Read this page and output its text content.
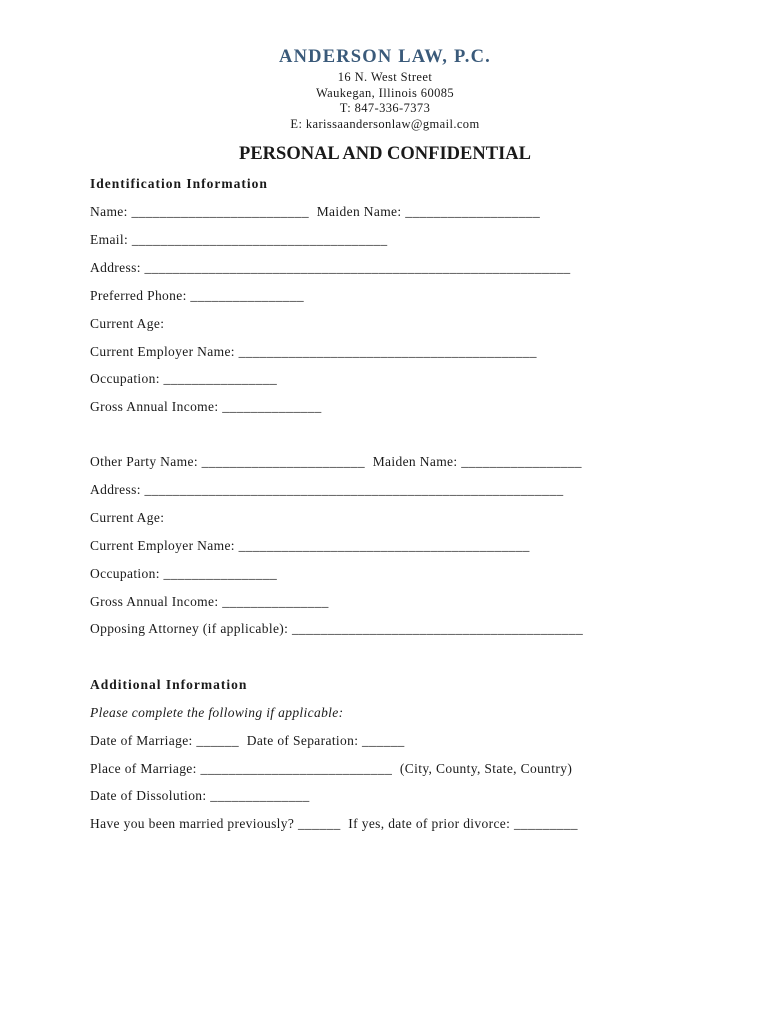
ANDERSON LAW, P.C.
16 N. West Street
Waukegan, Illinois 60085
T: 847-336-7373
E: karissaandersonlaw@gmail.com
PERSONAL AND CONFIDENTIAL
Identification Information
Name: _________________________ Maiden Name: ___________________
Email: ____________________________________
Address: ____________________________________________________________
Preferred Phone: ________________
Current Age:
Current Employer Name: __________________________________________
Occupation: ________________
Gross Annual Income: ______________
Other Party Name: _______________________ Maiden Name: _________________
Address: ___________________________________________________________
Current Age:
Current Employer Name: _________________________________________
Occupation: ________________
Gross Annual Income: _______________
Opposing Attorney (if applicable): _________________________________________
Additional Information
Please complete the following if applicable:
Date of Marriage: ______ Date of Separation: ______
Place of Marriage: ___________________________ (City, County, State, Country)
Date of Dissolution: ______________
Have you been married previously? ______ If yes, date of prior divorce: _________
